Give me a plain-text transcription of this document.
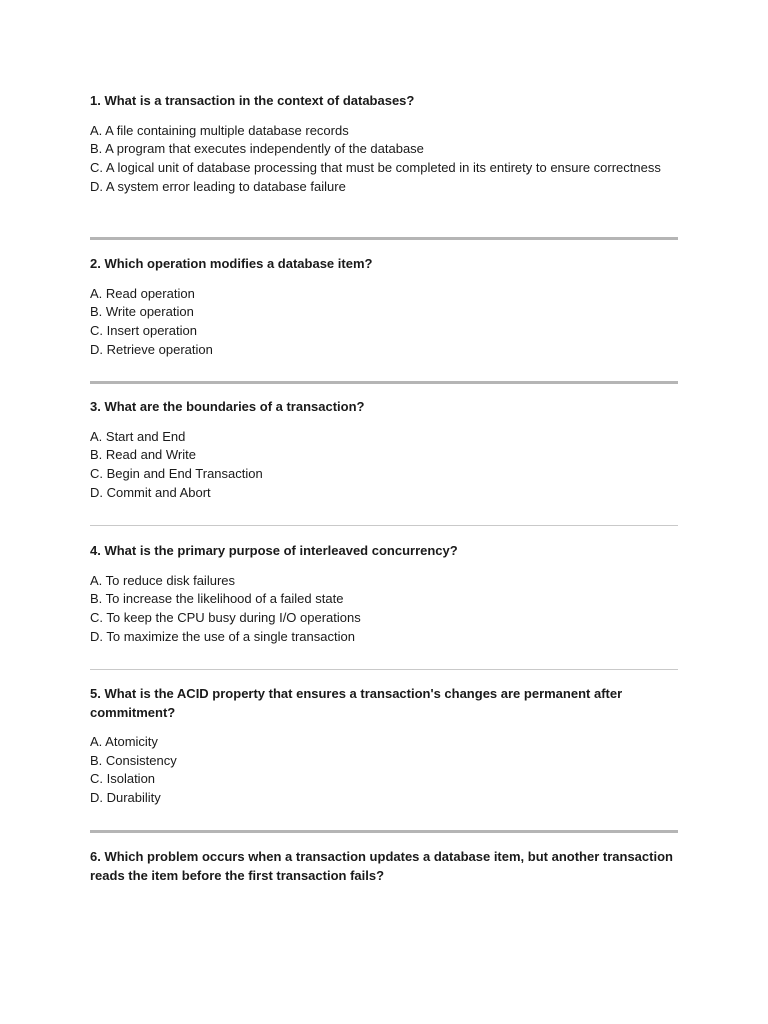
1. What is a transaction in the context of databases?

A. A file containing multiple database records

B. A program that executes independently of the database

C. A logical unit of database processing that must be completed in its entirety to ensure correctness

D. A system error leading to database failure

2. Which operation modifies a database item?

A. Read operation

B. Write operation

C. Insert operation

D. Retrieve operation

3. What are the boundaries of a transaction?

A. Start and End

B. Read and Write

C. Begin and End Transaction

D. Commit and Abort

4. What is the primary purpose of interleaved concurrency?

A. To reduce disk failures

B. To increase the likelihood of a failed state

C. To keep the CPU busy during I/O operations

D. To maximize the use of a single transaction

5. What is the ACID property that ensures a transaction's changes are permanent after commitment?

A. Atomicity

B. Consistency

C. Isolation

D. Durability

6. Which problem occurs when a transaction updates a database item, but another transaction reads the item before the first transaction fails?
